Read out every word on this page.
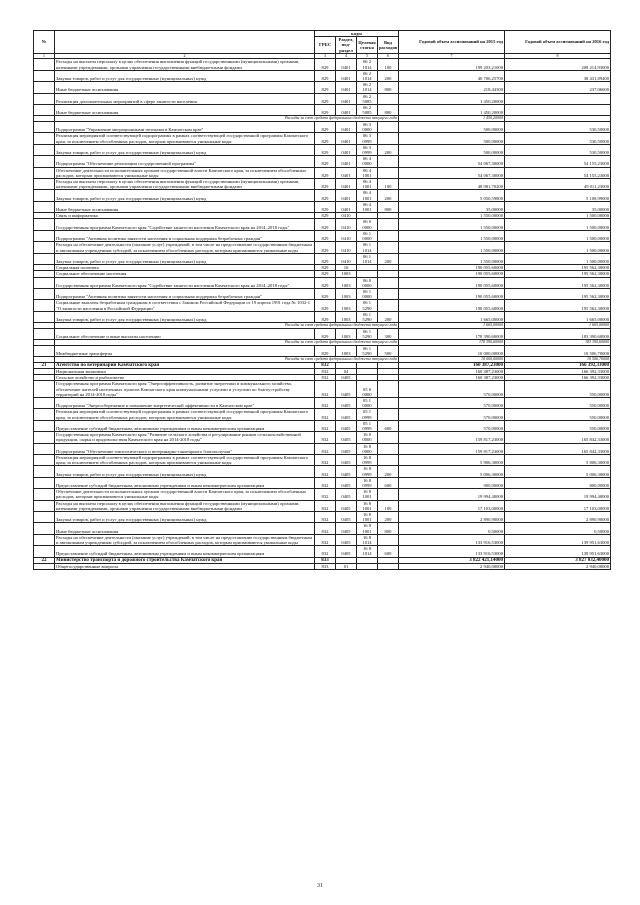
№		коды				Годовой объем ассигнований на 2015 год	Годовой объем ассигнований на 2016 год
		ГРБС	Раздел, под-раздел	Целевая статья	Вид расходов		
1	2	3	4	5	6	7	8
	Расходы на выплаты персоналу в целях обеспечения выполнения функций государственными (муниципальными) органами, казенными учреждениями, органами управления государственными внебюджетными фондами	829	0401	06 2 1014	100	199 203,21000	208 214,93000
	Закупка товаров, работ и услуг для государственных (муниципальных) нужд	829	0401	06 2 1014	200	40 706,25700	38 431,89400
	Иные бюджетные ассигнования	829	0401	06 2 1014	800	218,44300	237,06600
	Реализация дополнительных мероприятий в сфере занятости населения	829	0401	06 2 5085		1 450,20000	
	Иные бюджетные ассигнования	829	0401	06 2 5085	800	1 450,20000	
	Расходы за счет средств федерального бюджета текущего года					1 450,20000	
	Подпрограмма "Управление миграционными потоками в Камчатском крае"	829	0401	06 3 0000		500,00000	530,50000
	Реализация мероприятий соответствующей подпрограммы в рамках соответствующей государственной программы Камчатского края, за исключением обособленных расходов, которым присваиваются уникальные коды	829	0401	06 3 0999		500,00000	530,50000
	Закупка товаров, работ и услуг для государственных (муниципальных) нужд	829	0401	06 3 0999	200	500,00000	530,50000
	Подпрограмма "Обеспечение реализации государственной программы"	829	0401	06 4 0000		54 067,30000	54 155,23000
	Обеспечение деятельности исполнительных органов государственной власти Камчатского края, за исключением обособленных расходов, которым присваиваются уникальные коды	829	0401	06 4 1001		54 067,30000	54 155,23000
	Расходы на выплаты персоналу в целях обеспечения выполнения функций государственными (муниципальными) органами, казенными учреждениями, органами управления государственными внебюджетными фондами	829	0401	06 4 1001	100	48 981,70200	49 011,23000
	Закупка товаров, работ и услуг для государственных (муниципальных) нужд	829	0401	06 4 1001	200	5 050,59800	5 108,99000
	Иные бюджетные ассигнования	829	0401	06 4 1001	800	35,00000	35,00000
	Связь и информатика	829	0410			1 550,00000	1 500,00000
	Государственная программа Камчатского края "Содействие занятости населения Камчатского края на 2014–2018 годы"	829	0410	06 0 0000		1 550,00000	1 500,00000
	Подпрограмма "Активная политика занятости населения и социальная поддержка безработных граждан"	829	0410	06 1 0000		1 550,00000	1 500,00000
	Расходы на обеспечение деятельности (оказание услуг) учреждений, в том числе на предоставление государственным бюджетным и автономным учреждениям субсидий, за исключением обособленных расходов, которым присваиваются уникальные коды	829	0410	06 1 1014		1 550,00000	1 500,00000
	Закупка товаров, работ и услуг для государственных (муниципальных) нужд	829	0410	06 1 1014	200	1 550,00000	1 500,00000
	Социальная политика	829	10			190 055,60000	195 562,30000
	Социальное обеспечение населения	829	1003			190 055,60000	195 562,30000
	Государственная программа Камчатского края "Содействие занятости населения Камчатского края на 2014–2018 годы"	829	1003	06 0 0000		190 055,60000	195 562,30000
	Подпрограмма "Активная политика занятости населения и социальная поддержка безработных граждан"	829	1003	06 1 0000		190 055,60000	195 562,30000
	Социальные выплаты безработным гражданам в соответствии с Законом Российской Федерации от 19 апреля 1991 года № 1032-1 "О занятости населения в Российской Федерации"	829	1003	06 1 5290		190 055,60000	195 562,30000
	Закупка товаров, работ и услуг для государственных (муниципальных) нужд	829	1003	06 1 5290	200	1 665,00000	1 665,00000
	Расходы за счет средств федерального бюджета текущего года					1 665,00000	1 665,00000
	Социальное обеспечение и иные выплаты населению	829	1003	06 1 5290	300	178 390,60000	183 390,60000
	Расходы за счет средств федерального бюджета текущего года					178 390,60000	183 390,60000
	Межбюджетные трансферты	829	1003	06 1 5290	500	10 000,00000	10 506,70000
	Расходы за счет средств федерального бюджета текущего года					10 000,00000	10 506,70000
21	Агентство по ветеринарии Камчатского края	832				160 387,23000	166 392,33000
	Национальная экономика	832	04			160 387,23000	166 392,33000
	Сельское хозяйство и рыболовство	832	0405			160 387,23000	166 392,33000
	Государственная программа Камчатского края "Энергоэффективность, развитие энергетики и коммунального хозяйства, обеспечение жителей населенных пунктов Камчатского края коммунальными услугами и услугами по благоустройству территорий на 2014-2018 годы"	832	0405	05 0 0000		570,00000	550,00000
	Подпрограмма "Энергосбережение и повышение энергетической эффективности в Камчатском крае"	832	0405	05 1 0000		570,00000	550,00000
	Реализация мероприятий соответствующей подпрограммы в рамках соответствующей государственной программы Камчатского края, за исключением обособленных расходов, которым присваиваются уникальные коды	832	0405	05 1 0999		570,00000	550,00000
	Предоставление субсидий бюджетным, автономным учреждениям и иным некоммерческим организациям	832	0405	05 1 0999	600	570,00000	550,00000
	Государственная программа Камчатского края "Развитие сельского хозяйства и регулирование рынков сельскохозяйственной продукции, сырья и продовольствия Камчатского края на 2014-2018 годы"	832	0405	16 0 0000		159 817,23000	165 842,33000
	Подпрограмма "Обеспечение эпизоотического и ветеринарно-санитарного благополучия"	832	0405	16 8 0000		159 817,23000	165 842,33000
	Реализация мероприятий соответствующей подпрограммы в рамках соответствующей государственной программы Камчатского края, за исключением обособленных расходов, которым присваиваются уникальные коды	832	0405	16 8 0999		5 906,30000	5 806,30000
	Закупка товаров, работ и услуг для государственных (муниципальных) нужд	832	0405	16 8 0999	200	5 006,30000	5 006,30000
	Предоставление субсидий бюджетным, автономным учреждениям и иным некоммерческим организациям	832	0405	16 8 0999	600	900,00000	800,00000
	Обеспечение деятельности исполнительных органов государственной власти Камчатского края, за исключением обособленных расходов, которым присваиваются уникальные коды	832	0405	16 8 1001		19 994,40000	19 994,40000
	Расходы на выплаты персоналу в целях обеспечения выполнения функций государственными (муниципальными) органами, казенными учреждениями, органами управления государственными внебюджетными фондами	832	0405	16 8 1001	100	17 103,00000	17 103,00000
	Закупка товаров, работ и услуг для государственных (муниципальных) нужд	832	0405	16 8 1001	200	2 890,90000	2 890,90000
	Иные бюджетные ассигнования	832	0405	16 8 1001	800	0,50000	0,50000
	Расходы на обеспечение деятельности (оказание услуг) учреждений, в том числе на предоставление государственным бюджетным и автономным учреждениям субсидий, за исключением обособленных расходов, которым присваиваются уникальные коды	832	0405	16 8 1014		133 916,53000	139 951,63000
	Предоставление субсидий бюджетным, автономным учреждениям и иным некоммерческим организациям	832	0405	16 8 1014	600	133 916,53000	139 951,63000
22	Министерство транспорта и дорожного строительства Камчатского края	833				3 822 421,14000	3 827 032,40000
	Общегосударственные вопросы	833	01			2 940,00000	2 940,00000
31
